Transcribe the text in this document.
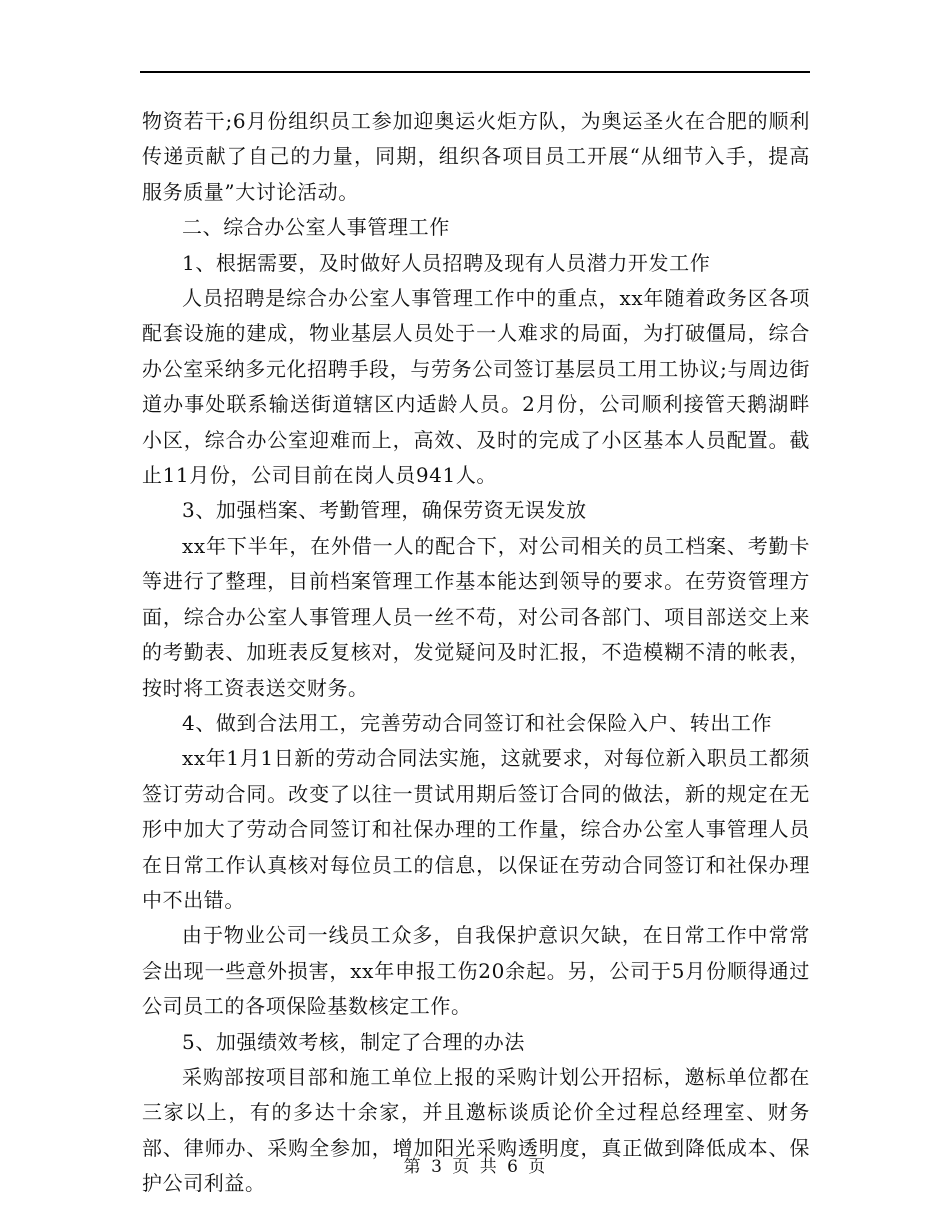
物资若干;6月份组织员工参加迎奥运火炬方队，为奥运圣火在合肥的顺利传递贡献了自己的力量，同期，组织各项目员工开展“从细节入手，提高服务质量”大讨论活动。

二、综合办公室人事管理工作

1、根据需要，及时做好人员招聘及现有人员潜力开发工作

人员招聘是综合办公室人事管理工作中的重点，xx年随着政务区各项配套设施的建成，物业基层人员处于一人难求的局面，为打破僵局，综合办公室采纳多元化招聘手段，与劳务公司签订基层员工用工协议;与周边街道办事处联系输送街道辖区内适龄人员。2月份，公司顺利接管天鹅湖畔小区，综合办公室迎难而上，高效、及时的完成了小区基本人员配置。截止11月份，公司目前在岗人员941人。

3、加强档案、考勤管理，确保劳资无误发放

xx年下半年，在外借一人的配合下，对公司相关的员工档案、考勤卡等进行了整理，目前档案管理工作基本能达到领导的要求。在劳资管理方面，综合办公室人事管理人员一丝不苟，对公司各部门、项目部送交上来的考勤表、加班表反复核对，发觉疑问及时汇报，不造模糊不清的帐表，按时将工资表送交财务。

4、做到合法用工，完善劳动合同签订和社会保险入户、转出工作

xx年1月1日新的劳动合同法实施，这就要求，对每位新入职员工都须签订劳动合同。改变了以往一贯试用期后签订合同的做法，新的规定在无形中加大了劳动合同签订和社保办理的工作量，综合办公室人事管理人员在日常工作认真核对每位员工的信息，以保证在劳动合同签订和社保办理中不出错。

由于物业公司一线员工众多，自我保护意识欠缺，在日常工作中常常会出现一些意外损害，xx年申报工伤20余起。另，公司于5月份顺得通过公司员工的各项保险基数核定工作。

5、加强绩效考核，制定了合理的办法

采购部按项目部和施工单位上报的采购计划公开招标，邀标单位都在三家以上，有的多达十余家，并且邀标谈质论价全过程总经理室、财务部、律师办、采购全参加，增加阳光采购透明度，真正做到降低成本、保护公司利益。

第 3 页 共 6 页
